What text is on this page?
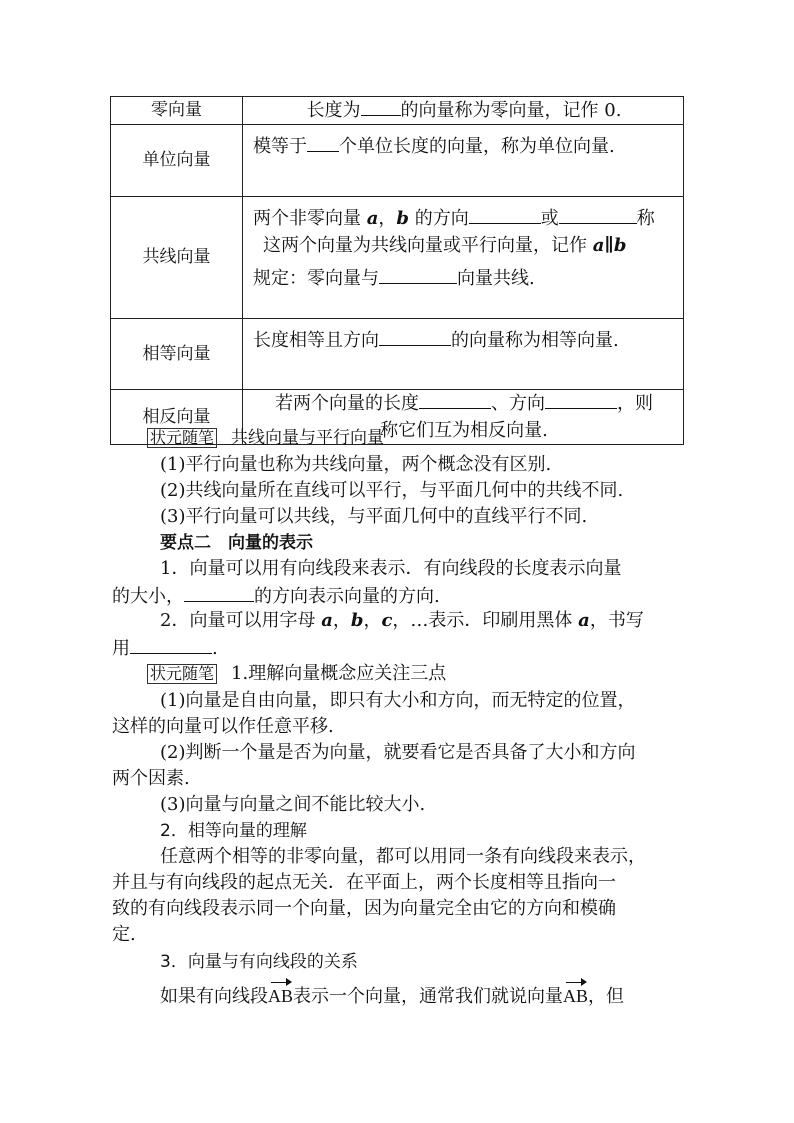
零向量	长度为 的向量称为零向量，记作 0.
单位向量	模等于 个单位长度的向量，称为单位向量.
共线向量	两个非零向量 a，b 的方向 或 称
这两个向量为共线向量或平行向量，记作 a∥b
规定：零向量与 向量共线.

相等向量	长度相等且方向 的向量称为相等向量.
相反向量	若两个向量的长度 、方向 ，则
称它们互为相反向量.
状元随笔 共线向量与平行向量
(1)平行向量也称为共线向量，两个概念没有区别.
(2)共线向量所在直线可以平行，与平面几何中的共线不同.
(3)平行向量可以共线，与平面几何中的直线平行不同.
要点二　向量的表示
1．向量可以用有向线段来表示．有向线段的长度表示向量
的大小，	的方向表示向量的方向.
2．向量可以用字母 a，b，c，…表示．印刷用黑体 a，书写
用	.
状元随笔 1.理解向量概念应关注三点
(1)向量是自由向量，即只有大小和方向，而无特定的位置，
这样的向量可以作任意平移.
(2)判断一个量是否为向量，就要看它是否具备了大小和方向
两个因素.
(3)向量与向量之间不能比较大小.
2．相等向量的理解
任意两个相等的非零向量，都可以用同一条有向线段来表示，
并且与有向线段的起点无关．在平面上，两个长度相等且指向一
致的有向线段表示同一个向量，因为向量完全由它的方向和模确
定.
3．向量与有向线段的关系
如果有向线段AB表示一个向量，通常我们就说向量AB，但
